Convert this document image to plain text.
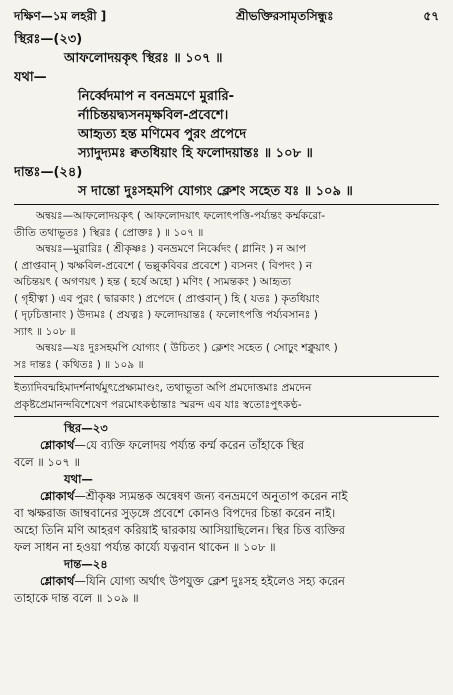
দক্ষিণ—১ম লহরী ]	শ্রীভক্তিরসামৃতসিন্ধুঃ	৫৭
স্থিরঃ—(২৩)
আফলোদয়কৃৎ স্থিরঃ ॥ ১০৭ ॥
যথা—
নির্ব্বেদমাপ ন বনভ্রমণে মুরারি-
র্নাচিন্তয়দ্ব্যসনমৃক্ষবিল-প্রবেশে।
আহৃত্য হন্ত মণিমেব পুরং প্রপেদে
স্যাদুদ্যমঃ ক্বতধিয়াং হি ফলোদয়ান্তঃ ॥ ১০৮ ॥
দান্তঃ—(২৪)
স দান্তো দুঃসহমপি যোগ্যং ক্লেশং সহেত যঃ ॥ ১০৯ ॥
অন্বয়ঃ—আফলোদয়কৃৎ ( আফলোদয়াৎ ফলোৎপত্তি-পর্য্যন্তং কর্ম্মকরো-
তীতি তথাভূতঃ ) স্থিরঃ ( প্রোক্তঃ ) ॥ ১০৭ ॥
অন্বয়ঃ—মুরারিঃ ( শ্রীকৃষ্ণঃ ) বনভ্রমণে নির্ব্বেদং ( গ্লানিং ) ন আপ
( প্রাপ্তবান্ ) ঋক্ষবিল-প্রবেশে ( ভল্লুকবিবর প্রবেশে ) ব্যসনং ( বিপদং ) ন
অচিন্তয়ৎ ( অগণয়ৎ ) হন্ত ( হর্ষে অহো ) মণিং ( স্যমন্তকং ) আহৃত্য
( গৃহীত্বা ) এব পুরং ( দ্বারকাং ) প্রপেদে ( প্রাপ্তবান্ ) হি ( যতঃ ) কৃতধিয়াং
( দৃঢ়চিত্তানাং ) উদ্যমঃ ( প্রযত্নঃ ) ফলোদয়ান্তঃ ( ফলোৎপত্তি পর্য্যবসানঃ )
স্যাৎ ॥ ১০৮ ॥
অন্বয়ঃ—যঃ দুঃসহমপি যোগ্যং ( উচিতং ) ক্লেশং সহেত ( সোঢ়ুং শক্নুয়াৎ )
সঃ দান্তঃ ( কথিতঃ ) ॥ ১০৯ ॥
ইত্যাদিবন্মহিমাদর্শনার্থমুৎপ্রেক্ষ্যমাণ্ডং, তথাভূতা অপি প্রমদোত্তমাঃ প্রমদেন
প্রকৃষ্টপ্রেমানন্দবিশেষেণ পরমোৎকণ্ঠান্তাঃ স্মরন্দ এব যাঃ স্বতোঃপুৎকণ্ঠ-
স্থির—২৩
শ্লোকার্থ—যে ব্যক্তি ফলোদয় পর্য্যন্ত কর্ম্ম করেন তাঁহাকে স্থির
বলে ॥ ১০৭ ॥
যথা—
শ্লোকার্থ—শ্রীকৃষ্ণ স্যমন্তক অন্বেষণ জন্য বনভ্রমণে অনুতাপ করেন নাই
বা ঋক্ষরাজ জাম্ববানের সুড়ঙ্গে প্রবেশে কোনও বিপদের চিন্তা করেন নাই।
অহো তিনি মণি আহরণ করিয়াই দ্বারকায় আসিয়াছিলেন। স্থির চিত্ত ব্যক্তির
ফল সাধন না হওয়া পর্য্যন্ত কার্য্যে যত্নবান থাকেন ॥ ১০৮ ॥
দান্ত—২৪
শ্লোকার্থ—যিনি যোগ্য অর্থাৎ উপযুক্ত ক্লেশ দুঃসহ হইলেও সহ্য করেন
তাহাকে দান্ত বলে ॥ ১০৯ ॥
